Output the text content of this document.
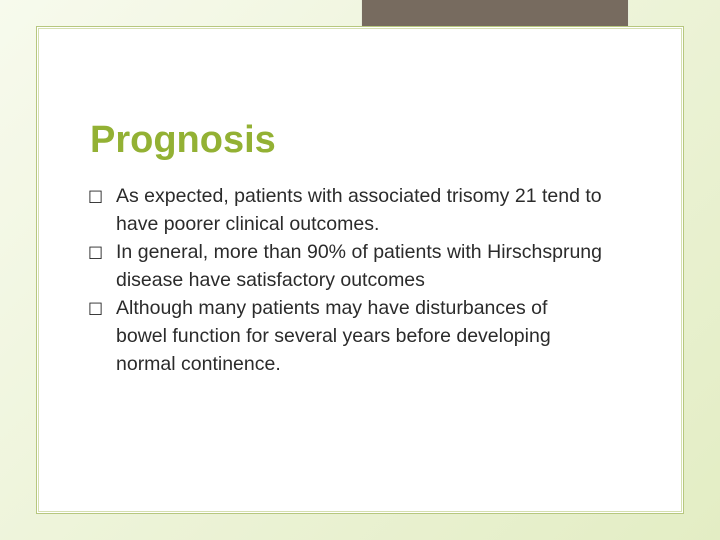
Prognosis

□ As expected, patients with associated trisomy 21 tend to have poorer clinical outcomes.

□ In general, more than 90% of patients with Hirschsprung disease have satisfactory outcomes

□ Although many patients may have disturbances of bowel function for several years before developing normal continence.
